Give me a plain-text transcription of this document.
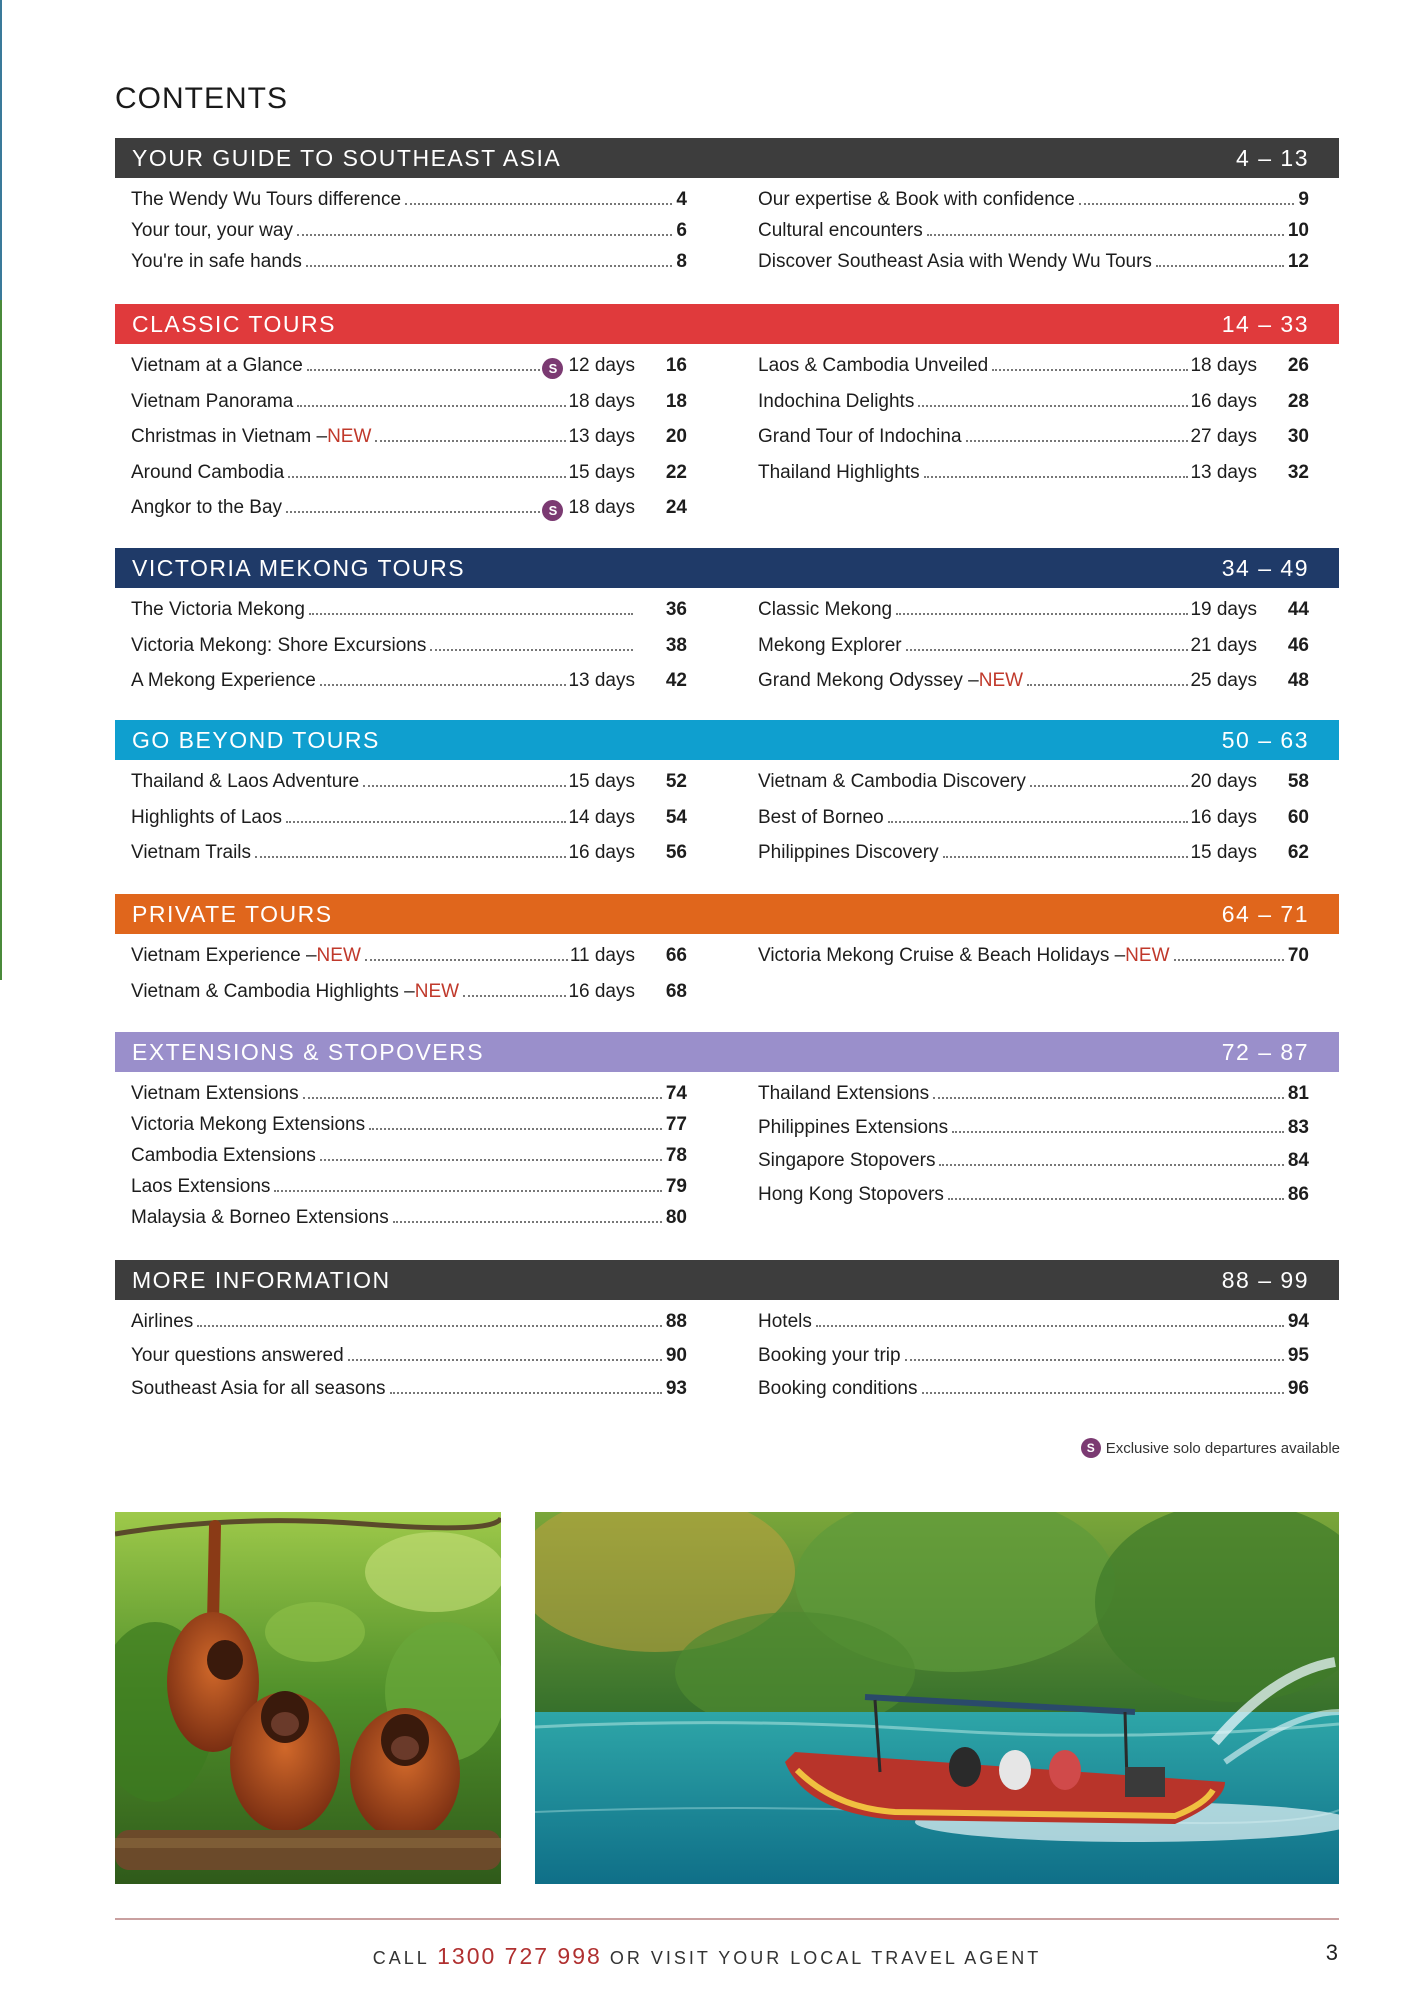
CONTENTS
YOUR GUIDE TO SOUTHEAST ASIA	4 – 13
The Wendy Wu Tours difference	4
Your tour, your way	6
You're in safe hands	8
Our expertise & Book with confidence	9
Cultural encounters	10
Discover Southeast Asia with Wendy Wu Tours	12
CLASSIC TOURS	14 – 33
Vietnam at a Glance	S 12 days	16
Vietnam Panorama	18 days	18
Christmas in Vietnam – NEW	13 days	20
Around Cambodia	15 days	22
Angkor to the Bay	S 18 days	24
Laos & Cambodia Unveiled	18 days	26
Indochina Delights	16 days	28
Grand Tour of Indochina	27 days	30
Thailand Highlights	13 days	32
VICTORIA MEKONG TOURS	34 – 49
The Victoria Mekong	36
Victoria Mekong: Shore Excursions	38
A Mekong Experience	13 days	42
Classic Mekong	19 days	44
Mekong Explorer	21 days	46
Grand Mekong Odyssey – NEW	25 days	48
GO BEYOND TOURS	50 – 63
Thailand & Laos Adventure	15 days	52
Highlights of Laos	14 days	54
Vietnam Trails	16 days	56
Vietnam & Cambodia Discovery	20 days	58
Best of Borneo	16 days	60
Philippines Discovery	15 days	62
PRIVATE TOURS	64 – 71
Vietnam Experience – NEW	11 days	66
Vietnam & Cambodia Highlights – NEW	16 days	68
Victoria Mekong Cruise & Beach Holidays – NEW	70
EXTENSIONS & STOPOVERS	72 – 87
Vietnam Extensions	74
Victoria Mekong Extensions	77
Cambodia Extensions	78
Laos Extensions	79
Malaysia & Borneo Extensions	80
Thailand Extensions	81
Philippines Extensions	83
Singapore Stopovers	84
Hong Kong Stopovers	86
MORE INFORMATION	88 – 99
Airlines	88
Your questions answered	90
Southeast Asia for all seasons	93
Hotels	94
Booking your trip	95
Booking conditions	96
S Exclusive solo departures available
CALL 1300 727 998 OR VISIT YOUR LOCAL TRAVEL AGENT	3
